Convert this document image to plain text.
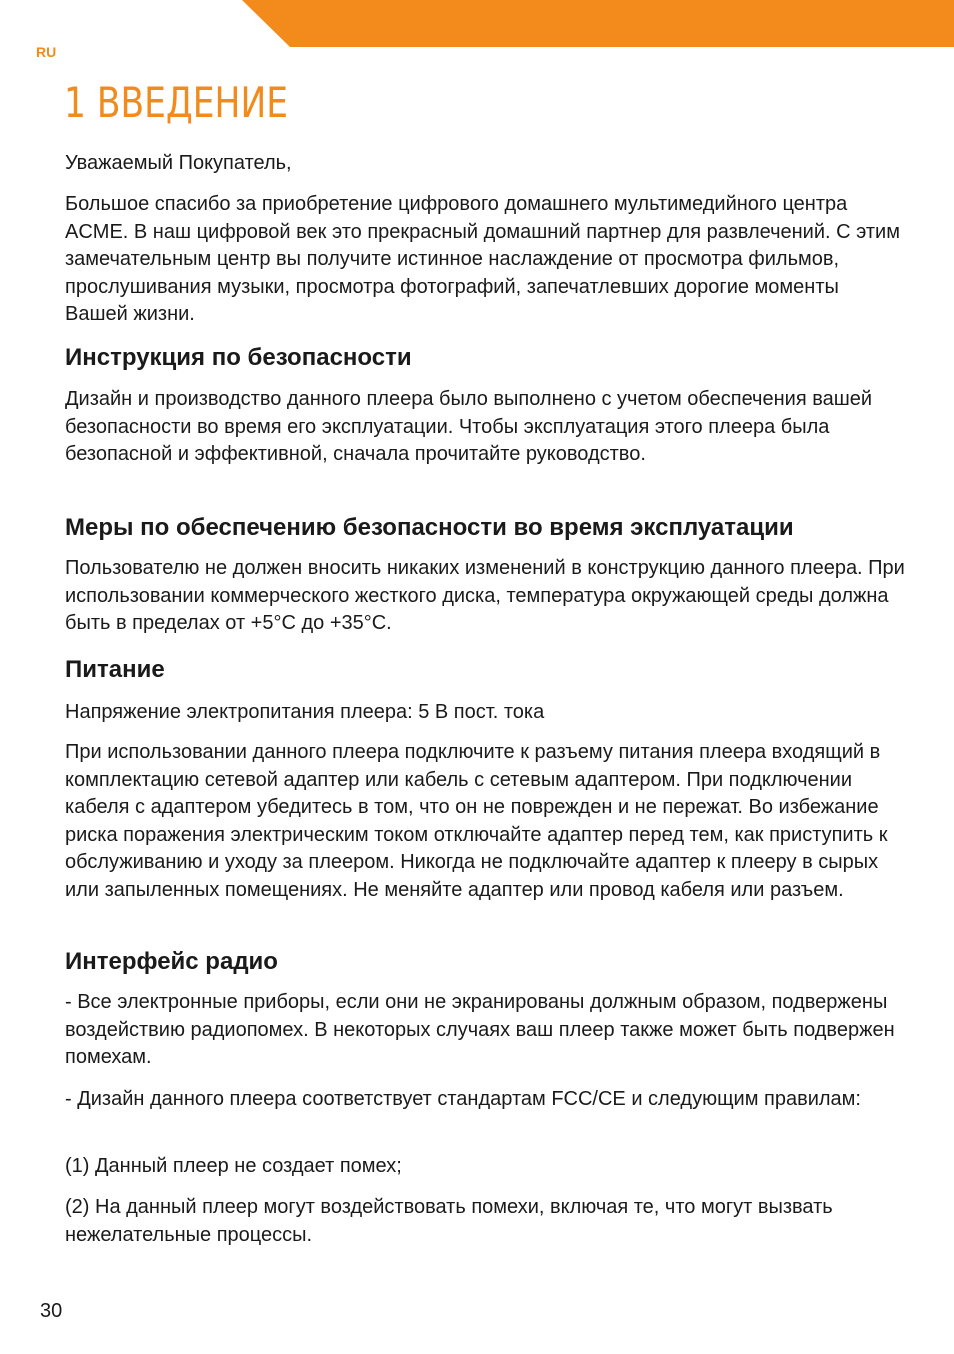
RU
1 ВВЕДЕНИЕ

Уважаемый Покупатель,

Большое спасибо за приобретение цифрового домашнего мультимедийного центра ACME. В наш цифровой век это прекрасный домашний партнер для развлечений. С этим замечательным центр вы получите истинное наслаждение от просмотра фильмов, прослушивания музыки, просмотра фотографий, запечатлевших дорогие моменты Вашей жизни.

Инструкция по безопасности

Дизайн и производство данного плеера было выполнено с учетом обеспечения вашей безопасности во время его эксплуатации. Чтобы эксплуатация этого плеера была безопасной и эффективной, сначала прочитайте руководство.

Меры по обеспечению безопасности во время эксплуатации

Пользователю не должен вносить никаких изменений в конструкцию данного плеера. При использовании коммерческого жесткого диска, температура окружающей среды должна быть в пределах от +5°C до +35°C.

Питание

Напряжение электропитания плеера: 5 В пост. тока

При использовании данного плеера подключите к разъему питания плеера входящий в комплектацию сетевой адаптер или кабель с сетевым адаптером. При подключении кабеля с адаптером убедитесь в том, что он не поврежден и не пережат. Во избежание риска поражения электрическим током отключайте адаптер перед тем, как приступить к обслуживанию и уходу за плеером. Никогда не подключайте адаптер к плееру в сырых или запыленных помещениях. Не меняйте адаптер или провод кабеля или разъем.

Интерфейс радио

- Все электронные приборы, если они не экранированы должным образом, подвержены воздействию радиопомех. В некоторых случаях ваш плеер также может быть подвержен помехам.

- Дизайн данного плеера соответствует стандартам FCC/CE и следующим правилам:

(1) Данный плеер не создает помех;

(2) На данный плеер могут воздействовать помехи, включая те, что могут вызвать нежелательные процессы.

30
